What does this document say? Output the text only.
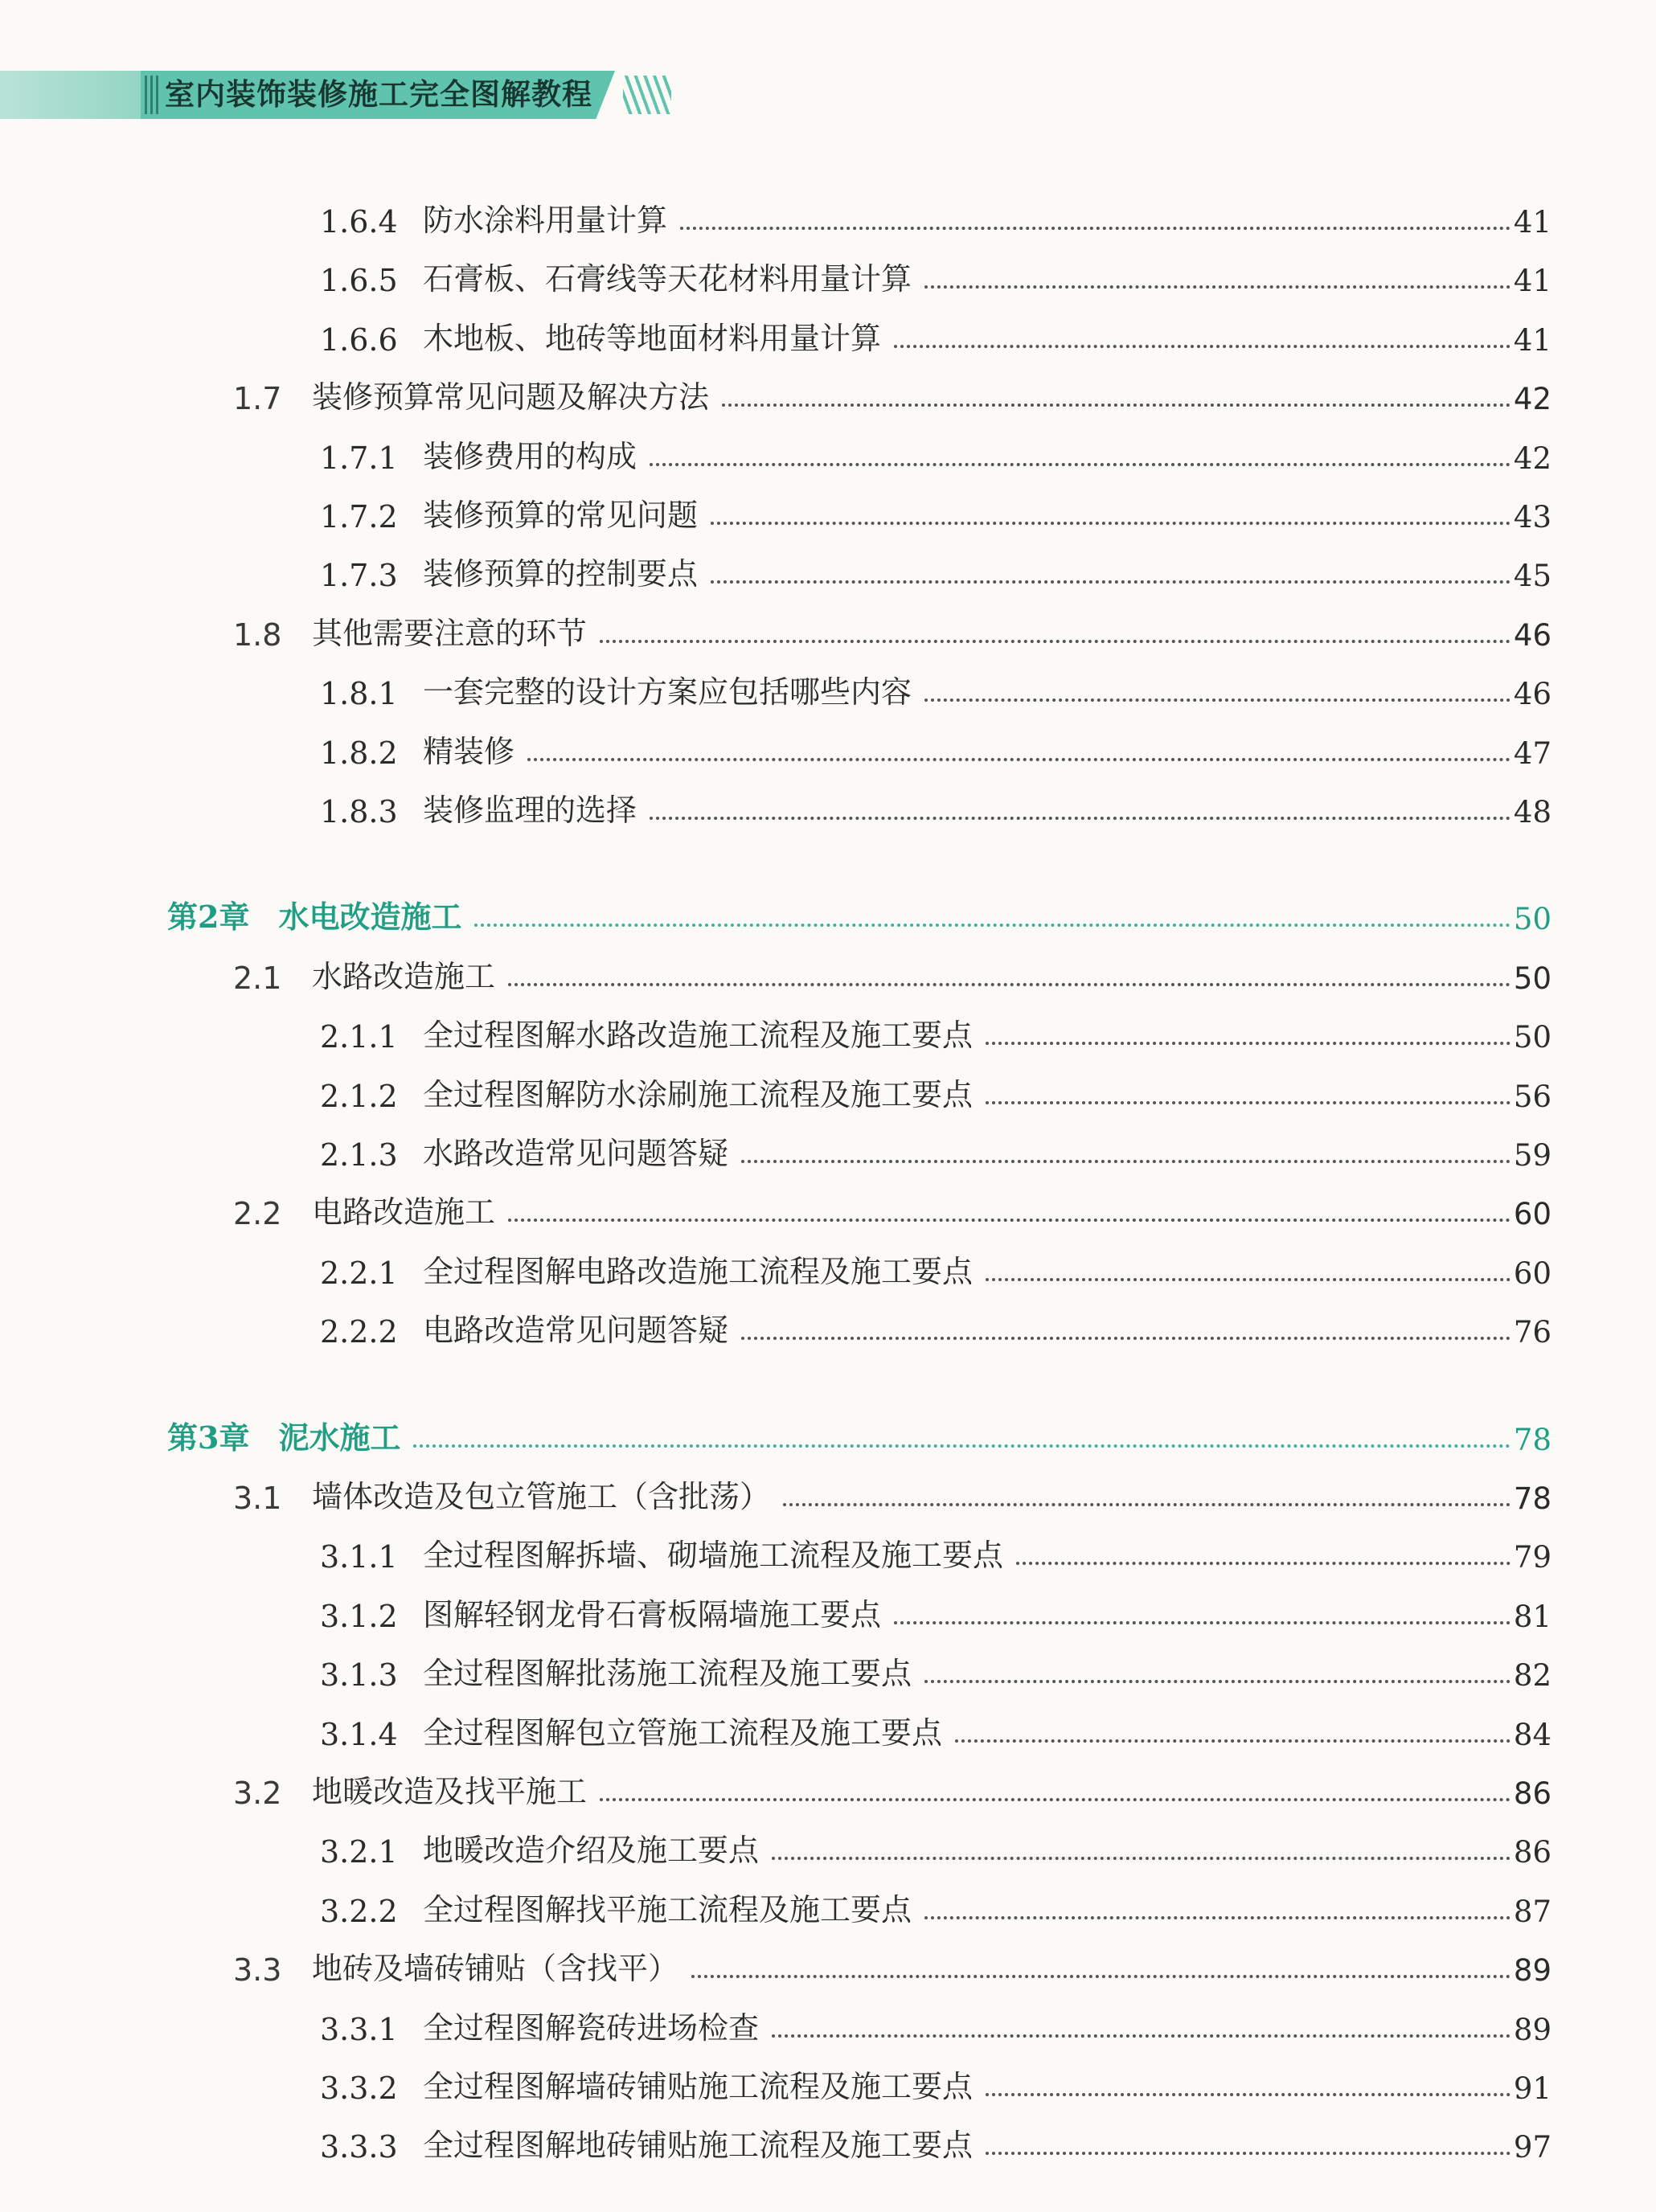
室内装饰装修施工完全图解教程
1.6.4 防水涂料用量计算	41
1.6.5 石膏板、石膏线等天花材料用量计算	41
1.6.6 木地板、地砖等地面材料用量计算	41
1.7 装修预算常见问题及解决方法	42
1.7.1 装修费用的构成	42
1.7.2 装修预算的常见问题	43
1.7.3 装修预算的控制要点	45
1.8 其他需要注意的环节	46
1.8.1 一套完整的设计方案应包括哪些内容	46
1.8.2 精装修	47
1.8.3 装修监理的选择	48
第2章 水电改造施工	50
2.1 水路改造施工	50
2.1.1 全过程图解水路改造施工流程及施工要点	50
2.1.2 全过程图解防水涂刷施工流程及施工要点	56
2.1.3 水路改造常见问题答疑	59
2.2 电路改造施工	60
2.2.1 全过程图解电路改造施工流程及施工要点	60
2.2.2 电路改造常见问题答疑	76
第3章 泥水施工	78
3.1 墙体改造及包立管施工（含批荡）	78
3.1.1 全过程图解拆墙、砌墙施工流程及施工要点	79
3.1.2 图解轻钢龙骨石膏板隔墙施工要点	81
3.1.3 全过程图解批荡施工流程及施工要点	82
3.1.4 全过程图解包立管施工流程及施工要点	84
3.2 地暖改造及找平施工	86
3.2.1 地暖改造介绍及施工要点	86
3.2.2 全过程图解找平施工流程及施工要点	87
3.3 地砖及墙砖铺贴（含找平）	89
3.3.1 全过程图解瓷砖进场检查	89
3.3.2 全过程图解墙砖铺贴施工流程及施工要点	91
3.3.3 全过程图解地砖铺贴施工流程及施工要点	97
